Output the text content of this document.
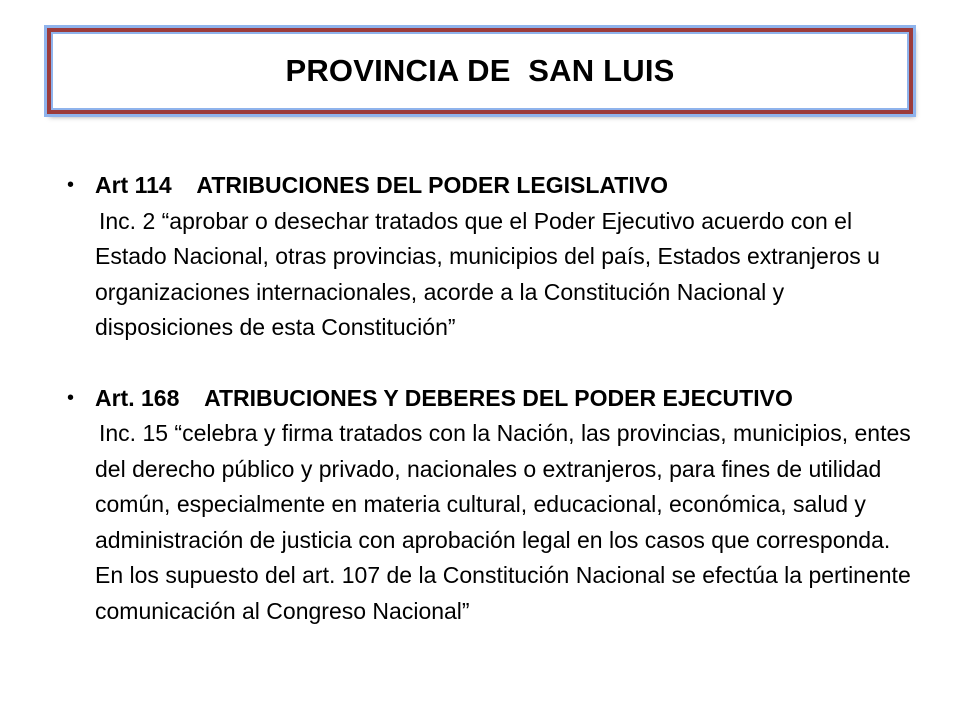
PROVINCIA DE  SAN LUIS
• Art 114    ATRIBUCIONES DEL PODER LEGISLATIVO
Inc. 2 “aprobar o desechar tratados que el Poder Ejecutivo acuerdo con el Estado Nacional, otras provincias, municipios del país, Estados extranjeros u organizaciones internacionales, acorde a la Constitución Nacional y disposiciones de esta Constitución”
• Art. 168    ATRIBUCIONES Y DEBERES DEL PODER EJECUTIVO
Inc. 15 “celebra y firma tratados con la Nación, las provincias, municipios, entes del derecho público y privado, nacionales o extranjeros, para fines de utilidad común, especialmente en materia cultural, educacional, económica, salud y administración de justicia con aprobación legal en los casos que corresponda. En los supuesto del art. 107 de la Constitución Nacional se efectúa la pertinente comunicación al Congreso Nacional”
